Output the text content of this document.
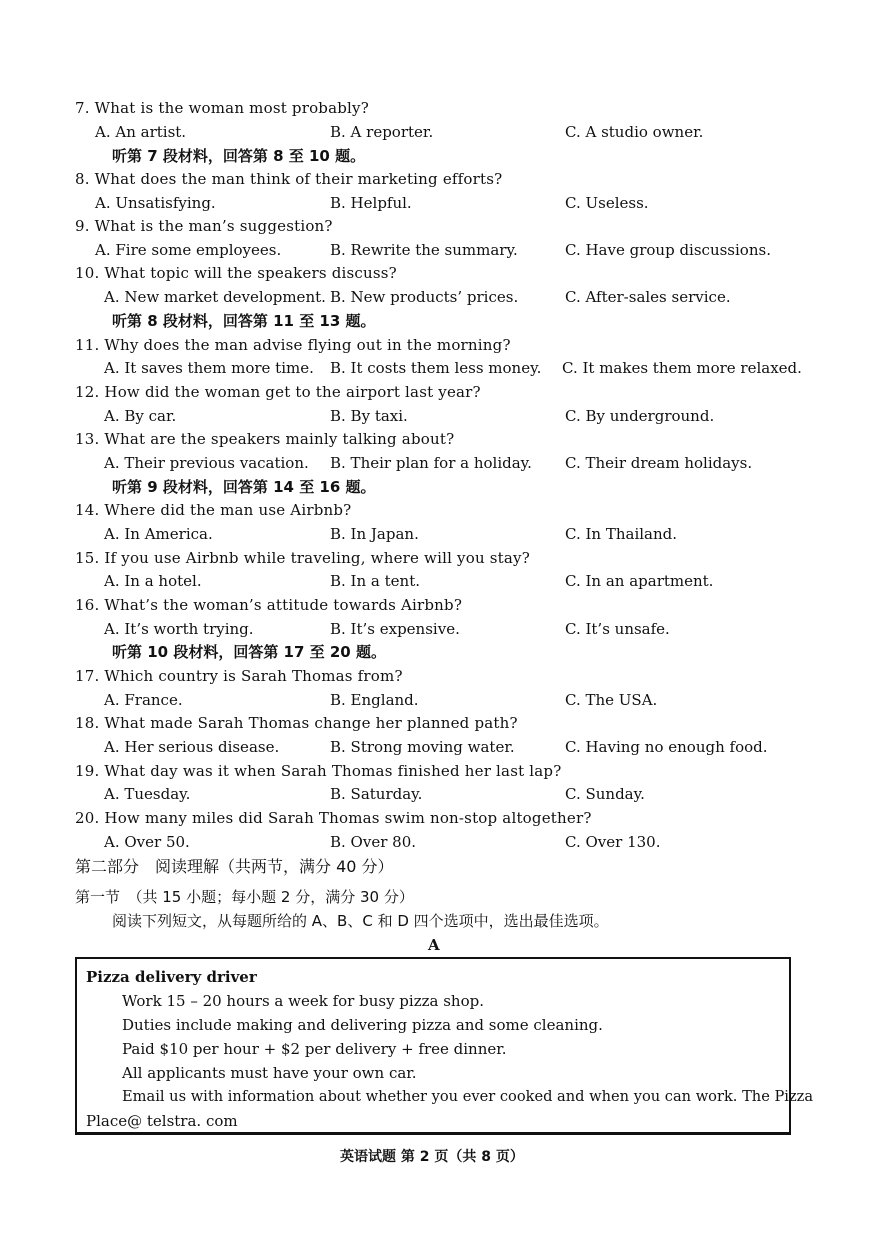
7. What is the woman most probably?
A. An artist.	B. A reporter.	C. A studio owner.
听第 7 段材料，回答第 8 至 10 题。
8. What does the man think of their marketing efforts?
A. Unsatisfying.	B. Helpful.	C. Useless.
9. What is the man’s suggestion?
A. Fire some employees.	B. Rewrite the summary.	C. Have group discussions.
10. What topic will the speakers discuss?
A. New market development. B. New products’ prices.	C. After-sales service.
听第 8 段材料，回答第 11 至 13 题。
11. Why does the man advise flying out in the morning?
A. It saves them more time. B. It costs them less money. C. It makes them more relaxed.
12. How did the woman get to the airport last year?
A. By car.	B. By taxi.	C. By underground.
13. What are the speakers mainly talking about?
A. Their previous vacation. B. Their plan for a holiday. C. Their dream holidays.
听第 9 段材料，回答第 14 至 16 题。
14. Where did the man use Airbnb?
A. In America.	B. In Japan.	C. In Thailand.
15. If you use Airbnb while traveling, where will you stay?
A. In a hotel.	B. In a tent.	C. In an apartment.
16. What’s the woman’s attitude towards Airbnb?
A. It’s worth trying.	B. It’s expensive.	C. It’s unsafe.
听第 10 段材料，回答第 17 至 20 题。
17. Which country is Sarah Thomas from?
A. France.	B. England.	C. The USA.
18. What made Sarah Thomas change her planned path?
A. Her serious disease.	B. Strong moving water.	C. Having no enough food.
19. What day was it when Sarah Thomas finished her last lap?
A. Tuesday.	B. Saturday.	C. Sunday.
20. How many miles did Sarah Thomas swim non-stop altogether?
A. Over 50.	B. Over 80.	C. Over 130.
第二部分　阅读理解（共两节，满分 40 分）
第一节　（共 15 小题；每小题 2 分，满分 30 分）
阅读下列短文，从每题所给的 A、B、C 和 D 四个选项中，选出最佳选项。
A
Pizza delivery driver
Work 15 – 20 hours a week for busy pizza shop.
Duties include making and delivering pizza and some cleaning.
Paid $10 per hour + $2 per delivery + free dinner.
All applicants must have your own car.
Email us with information about whether you ever cooked and when you can work. The Pizza
Place@ telstra. com
英语试题 第 2 页（共 8 页）
